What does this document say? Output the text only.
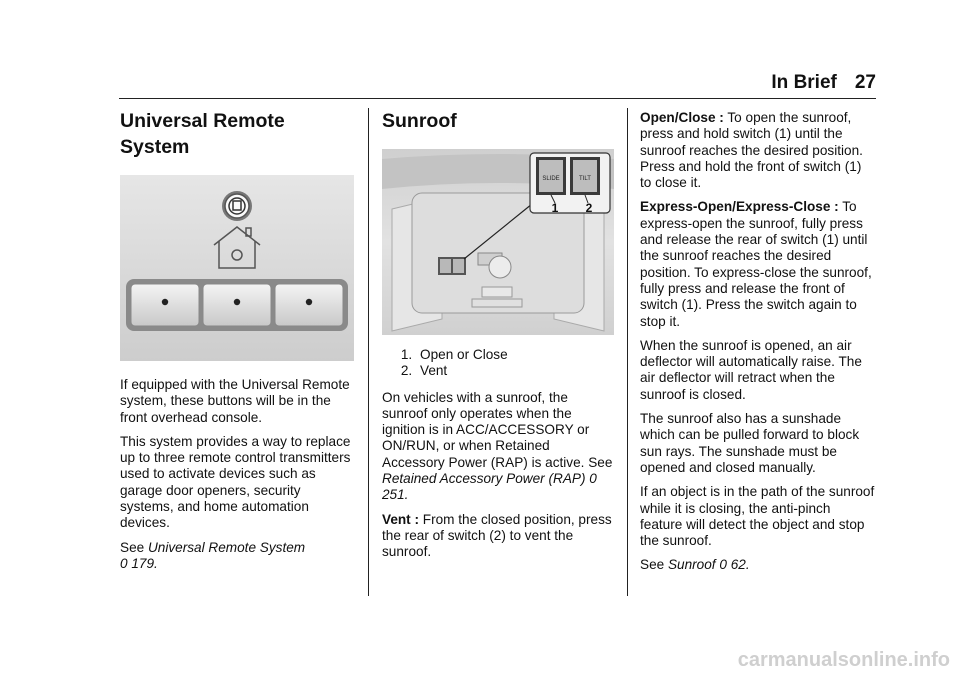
In Brief 27
Universal Remote System

If equipped with the Universal Remote system, these buttons will be in the front overhead console.

This system provides a way to replace up to three remote control transmitters used to activate devices such as garage door openers, security systems, and home automation devices.

See Universal Remote System
0 179.

Sunroof
SLIDE	TILT
1 2
1. Open or Close
2. Vent

On vehicles with a sunroof, the sunroof only operates when the ignition is in ACC/ACCESSORY or ON/RUN, or when Retained Accessory Power (RAP) is active. See Retained Accessory Power (RAP) 0 251.

Vent : From the closed position, press the rear of switch (2) to vent the sunroof.

Open/Close : To open the sunroof, press and hold switch (1) until the sunroof reaches the desired position. Press and hold the front of switch (1) to close it.

Express-Open/Express-Close : To express-open the sunroof, fully press and release the rear of switch (1) until the sunroof reaches the desired position. To express-close the sunroof, fully press and release the front of switch (1). Press the switch again to stop it.

When the sunroof is opened, an air deflector will automatically raise. The air deflector will retract when the sunroof is closed.

The sunroof also has a sunshade which can be pulled forward to block sun rays. The sunshade must be opened and closed manually.

If an object is in the path of the sunroof while it is closing, the anti-pinch feature will detect the object and stop the sunroof.

See Sunroof 0 62.

carmanualsonline.info
